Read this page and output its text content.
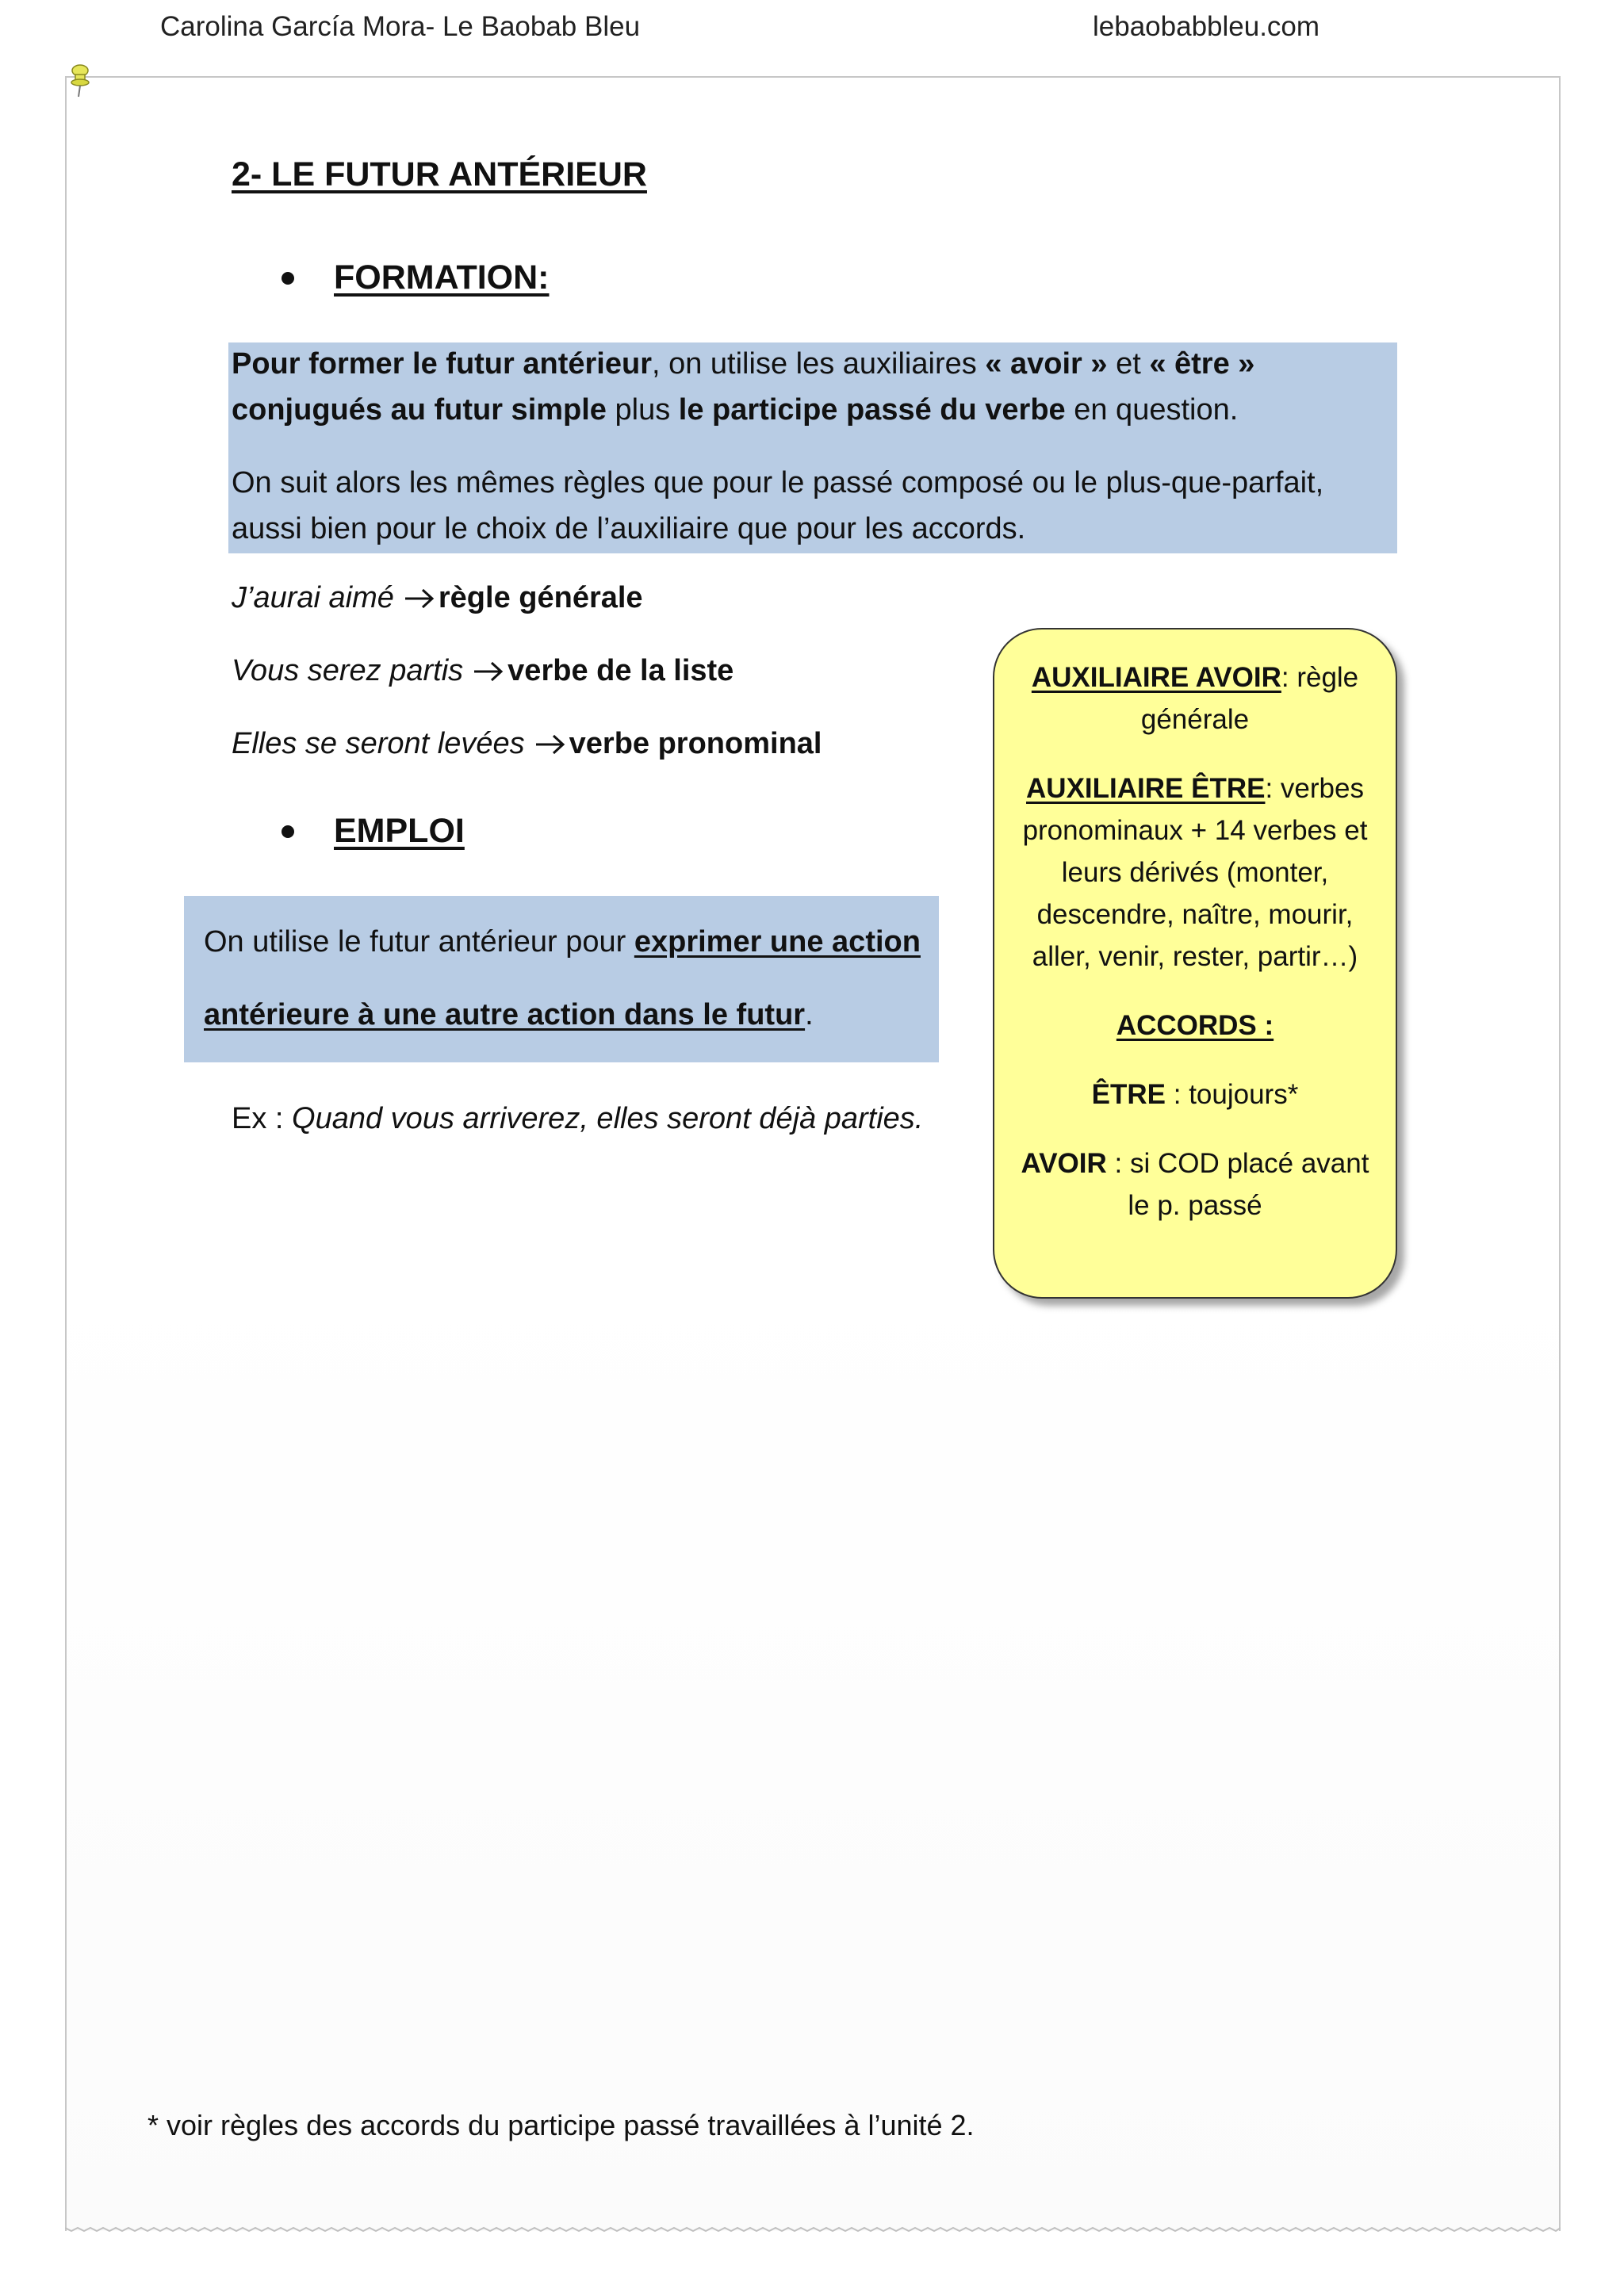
Carolina García Mora- Le Baobab Bleu	lebaobabbleu.com
2- LE FUTUR ANTÉRIEUR
FORMATION:
Pour former le futur antérieur, on utilise les auxiliaires « avoir » et « être » conjugués au futur simple plus le participe passé du verbe en question.
On suit alors les mêmes règles que pour le passé composé ou le plus-que-parfait, aussi bien pour le choix de l’auxiliaire que pour les accords.
J’aurai aimé règle générale
Vous serez partis verbe de la liste
Elles se seront levées verbe pronominal
EMPLOI
On utilise le futur antérieur pour exprimer une action antérieure à une autre action dans le futur.
Ex : Quand vous arriverez, elles seront déjà parties.

AUXILIAIRE AVOIR: règle générale

AUXILIAIRE ÊTRE: verbes pronominaux + 14 verbes et leurs dérivés (monter, descendre, naître, mourir, aller, venir, rester, partir…)

ACCORDS :

ÊTRE : toujours*

AVOIR : si COD placé avant le p. passé

* voir règles des accords du participe passé travaillées à l’unité 2.
